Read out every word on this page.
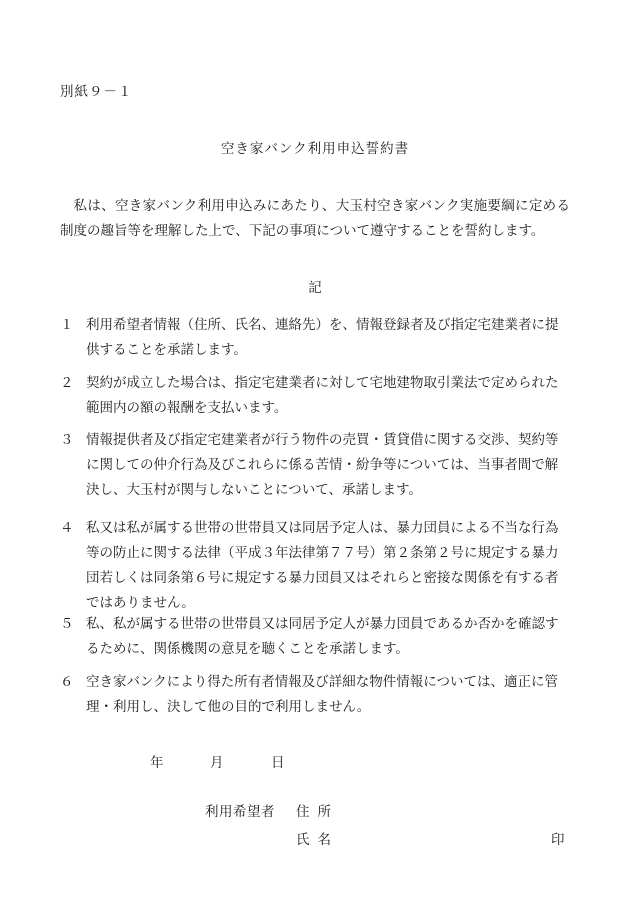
別紙９－１
空き家バンク利用申込誓約書
私は、空き家バンク利用申込みにあたり、大玉村空き家バンク実施要綱に定める制度の趣旨等を理解した上で、下記の事項について遵守することを誓約します。
記
１ 利用希望者情報（住所、氏名、連絡先）を、情報登録者及び指定宅建業者に提供することを承諾します。
２ 契約が成立した場合は、指定宅建業者に対して宅地建物取引業法で定められた範囲内の額の報酬を支払います。
３ 情報提供者及び指定宅建業者が行う物件の売買・賃貸借に関する交渉、契約等に関しての仲介行為及びこれらに係る苦情・紛争等については、当事者間で解決し、大玉村が関与しないことについて、承諾します。
４ 私又は私が属する世帯の世帯員又は同居予定人は、暴力団員による不当な行為等の防止に関する法律（平成３年法律第７７号）第２条第２号に規定する暴力団若しくは同条第６号に規定する暴力団員又はそれらと密接な関係を有する者ではありません。
５ 私、私が属する世帯の世帯員又は同居予定人が暴力団員であるか否かを確認するために、関係機関の意見を聴くことを承諾します。
６ 空き家バンクにより得た所有者情報及び詳細な物件情報については、適正に管理・利用し、決して他の目的で利用しません。
年	月	日
利用希望者 住所
氏名	印
